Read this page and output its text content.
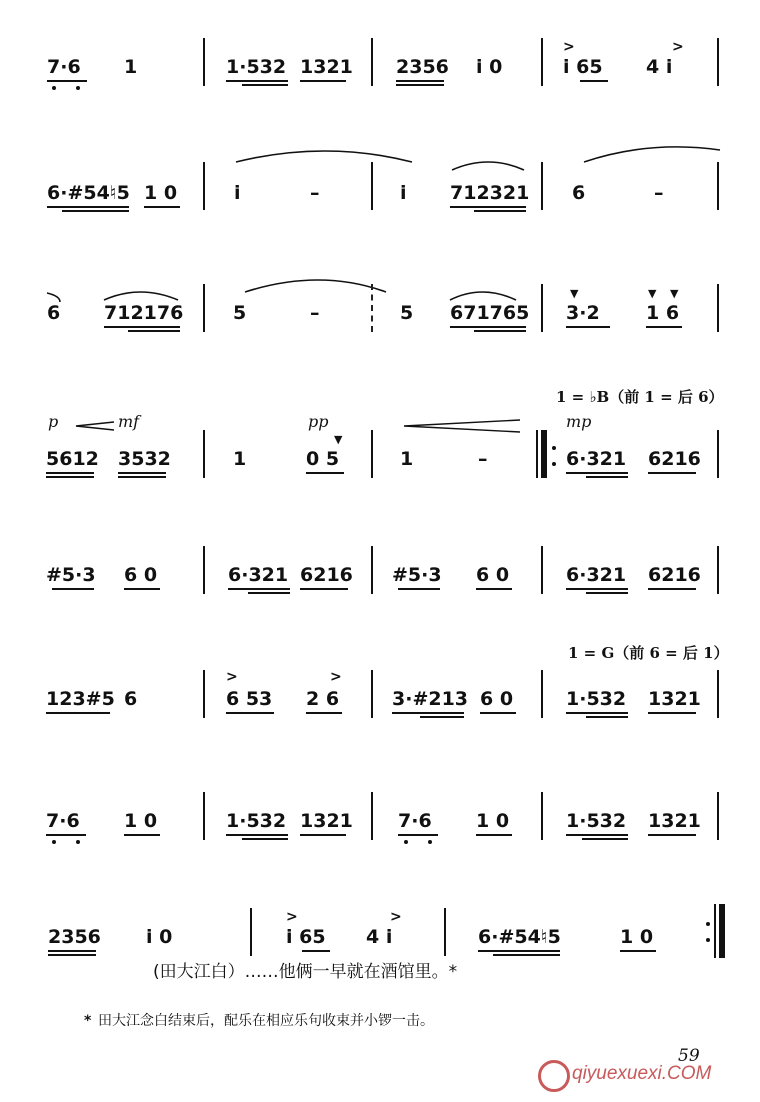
7·6 1	1·532 1321 2356 i 0
>	>
i 65 4 i
6·#54♮5 1 0	i	–	i 712321 6	–
6 712176	5	–	5 671765
▼	▼ ▼
3·2 1 6
1 = ♭B（前 1 = 后 6）
p	mf	pp	mp
5612 3532	1
▼
0 5	1	–	6·321 6216
#5·3 6 0	6·321 6216 #5·3 6 0	6·321 6216
1 = G（前 6 = 后 1）
123#5 6
>	>
6 53 2 6	3·#213 6 0	1·532 1321
7·6 1 0	1·532 1321 7·6 1 0	1·532 1321
2356 i 0
>	>
i 65 4 i	6·#54♮5	1 0
(田大江白）……他俩一早就在酒馆里。*
* 田大江念白结束后，配乐在相应乐句收束并小锣一击。
59
qiyuexuexi.COM
